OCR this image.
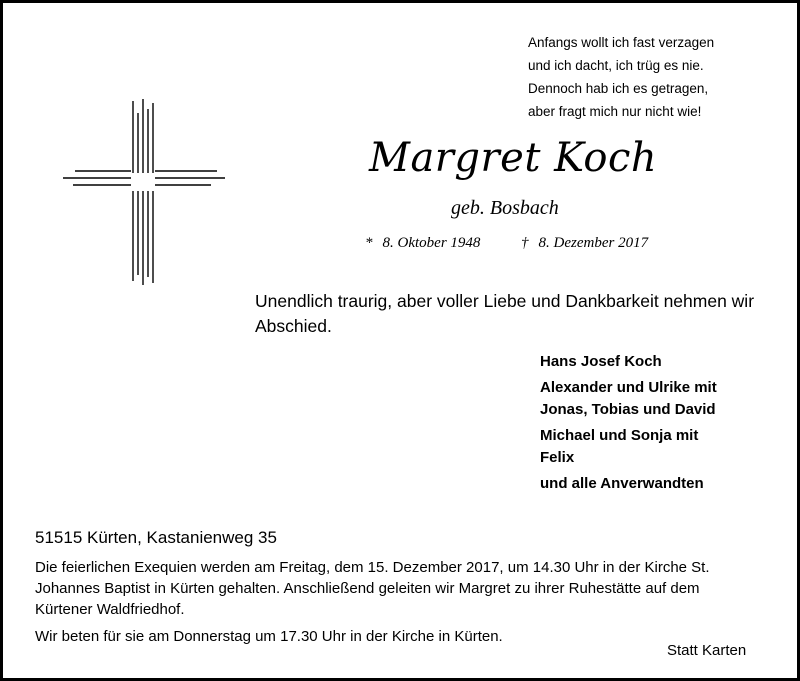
Anfangs wollt ich fast verzagen
und ich dacht, ich trüg es nie.
Dennoch hab ich es getragen,
aber fragt mich nur nicht wie!
Margret Koch
geb. Bosbach
* 8. Oktober 1948	† 8. Dezember 2017
Unendlich traurig, aber voller Liebe und Dankbarkeit nehmen wir Abschied.
Hans Josef Koch
Alexander und Ulrike mit
Jonas, Tobias und David
Michael und Sonja mit
Felix
und alle Anverwandten
51515 Kürten, Kastanienweg 35
Die feierlichen Exequien werden am Freitag, dem 15. Dezember 2017, um 14.30 Uhr in der Kirche St.
Johannes Baptist in Kürten gehalten. Anschließend geleiten wir Margret zu ihrer Ruhestätte auf dem
Kürtener Waldfriedhof.
Wir beten für sie am Donnerstag um 17.30 Uhr in der Kirche in Kürten.
Statt Karten
